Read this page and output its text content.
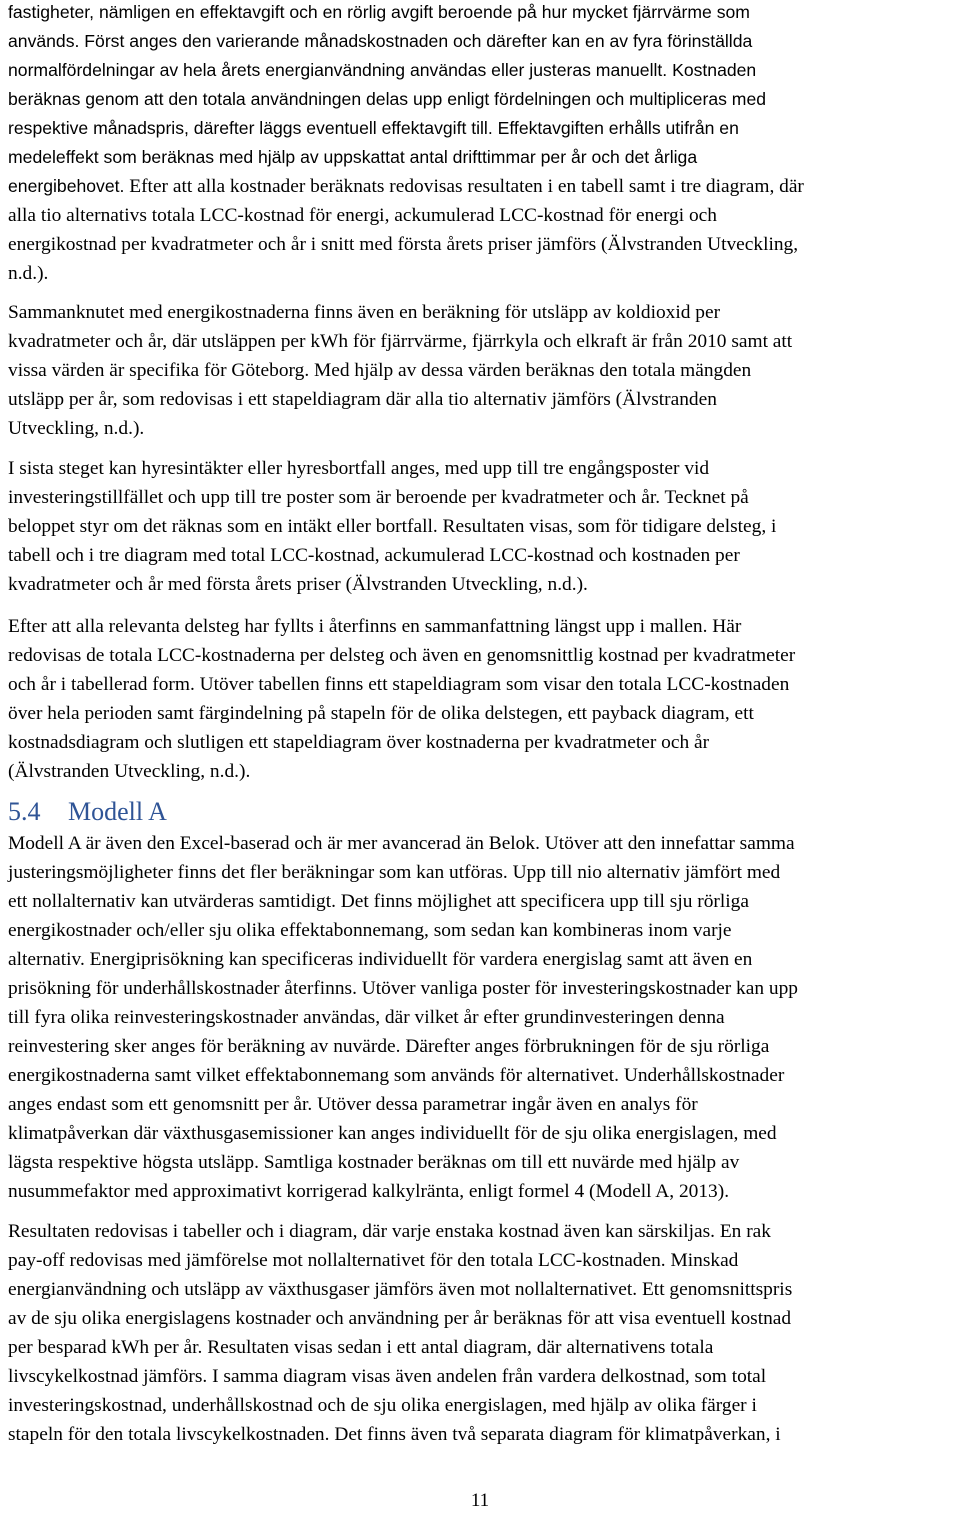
fastigheter, nämligen en effektavgift och en rörlig avgift beroende på hur mycket fjärrvärme som
används. Först anges den varierande månadskostnaden och därefter kan en av fyra förinställda
normalfördelningar av hela årets energianvändning användas eller justeras manuellt. Kostnaden
beräknas genom att den totala användningen delas upp enligt fördelningen och multipliceras med
respektive månadspris, därefter läggs eventuell effektavgift till. Effektavgiften erhålls utifrån en
medeleffekt som beräknas med hjälp av uppskattat antal drifttimmar per år och det årliga
energibehovet. Efter att alla kostnader beräknats redovisas resultaten i en tabell samt i tre diagram, där
alla tio alternativs totala LCC-kostnad för energi, ackumulerad LCC-kostnad för energi och
energikostnad per kvadratmeter och år i snitt med första årets priser jämförs (Älvstranden Utveckling,
n.d.).
Sammanknutet med energikostnaderna finns även en beräkning för utsläpp av koldioxid per
kvadratmeter och år, där utsläppen per kWh för fjärrvärme, fjärrkyla och elkraft är från 2010 samt att
vissa värden är specifika för Göteborg. Med hjälp av dessa värden beräknas den totala mängden
utsläpp per år, som redovisas i ett stapeldiagram där alla tio alternativ jämförs (Älvstranden
Utveckling, n.d.).
I sista steget kan hyresintäkter eller hyresbortfall anges, med upp till tre engångsposter vid
investeringstillfället och upp till tre poster som är beroende per kvadratmeter och år. Tecknet på
beloppet styr om det räknas som en intäkt eller bortfall. Resultaten visas, som för tidigare delsteg, i
tabell och i tre diagram med total LCC-kostnad, ackumulerad LCC-kostnad och kostnaden per
kvadratmeter och år med första årets priser (Älvstranden Utveckling, n.d.).
Efter att alla relevanta delsteg har fyllts i återfinns en sammanfattning längst upp i mallen. Här
redovisas de totala LCC-kostnaderna per delsteg och även en genomsnittlig kostnad per kvadratmeter
och år i tabellerad form. Utöver tabellen finns ett stapeldiagram som visar den totala LCC-kostnaden
över hela perioden samt färgindelning på stapeln för de olika delstegen, ett payback diagram, ett
kostnadsdiagram och slutligen ett stapeldiagram över kostnaderna per kvadratmeter och år
(Älvstranden Utveckling, n.d.).
5.4 Modell A
Modell A är även den Excel-baserad och är mer avancerad än Belok. Utöver att den innefattar samma
justeringsmöjligheter finns det fler beräkningar som kan utföras. Upp till nio alternativ jämfört med
ett nollalternativ kan utvärderas samtidigt. Det finns möjlighet att specificera upp till sju rörliga
energikostnader och/eller sju olika effektabonnemang, som sedan kan kombineras inom varje
alternativ. Energiprisökning kan specificeras individuellt för vardera energislag samt att även en
prisökning för underhållskostnader återfinns. Utöver vanliga poster för investeringskostnader kan upp
till fyra olika reinvesteringskostnader användas, där vilket år efter grundinvesteringen denna
reinvestering sker anges för beräkning av nuvärde. Därefter anges förbrukningen för de sju rörliga
energikostnaderna samt vilket effektabonnemang som används för alternativet. Underhållskostnader
anges endast som ett genomsnitt per år. Utöver dessa parametrar ingår även en analys för
klimatpåverkan där växthusgasemissioner kan anges individuellt för de sju olika energislagen, med
lägsta respektive högsta utsläpp. Samtliga kostnader beräknas om till ett nuvärde med hjälp av
nusummefaktor med approximativt korrigerad kalkylränta, enligt formel 4 (Modell A, 2013).
Resultaten redovisas i tabeller och i diagram, där varje enstaka kostnad även kan särskiljas. En rak
pay-off redovisas med jämförelse mot nollalternativet för den totala LCC-kostnaden. Minskad
energianvändning och utsläpp av växthusgaser jämförs även mot nollalternativet. Ett genomsnittspris
av de sju olika energislagens kostnader och användning per år beräknas för att visa eventuell kostnad
per besparad kWh per år. Resultaten visas sedan i ett antal diagram, där alternativens totala
livscykelkostnad jämförs. I samma diagram visas även andelen från vardera delkostnad, som total
investeringskostnad, underhållskostnad och de sju olika energislagen, med hjälp av olika färger i
stapeln för den totala livscykelkostnaden. Det finns även två separata diagram för klimatpåverkan, i
11
